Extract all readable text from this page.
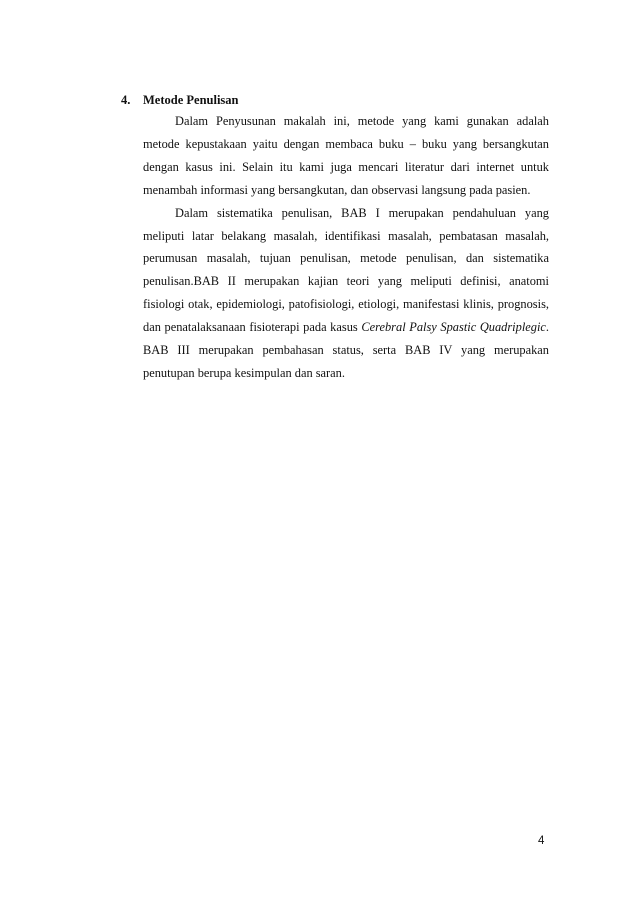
4. Metode Penulisan

Dalam Penyusunan makalah ini, metode yang kami gunakan adalah metode kepustakaan yaitu dengan membaca buku – buku yang bersangkutan dengan kasus ini. Selain itu kami juga mencari literatur dari internet untuk menambah informasi yang bersangkutan, dan observasi langsung pada pasien.

Dalam sistematika penulisan, BAB I merupakan pendahuluan yang meliputi latar belakang masalah, identifikasi masalah, pembatasan masalah, perumusan masalah, tujuan penulisan, metode penulisan, dan sistematika penulisan.BAB II merupakan kajian teori yang meliputi definisi, anatomi fisiologi otak, epidemiologi, patofisiologi, etiologi, manifestasi klinis, prognosis, dan penatalaksanaan fisioterapi pada kasus Cerebral Palsy Spastic Quadriplegic. BAB III merupakan pembahasan status, serta BAB IV yang merupakan penutupan berupa kesimpulan dan saran.

4
